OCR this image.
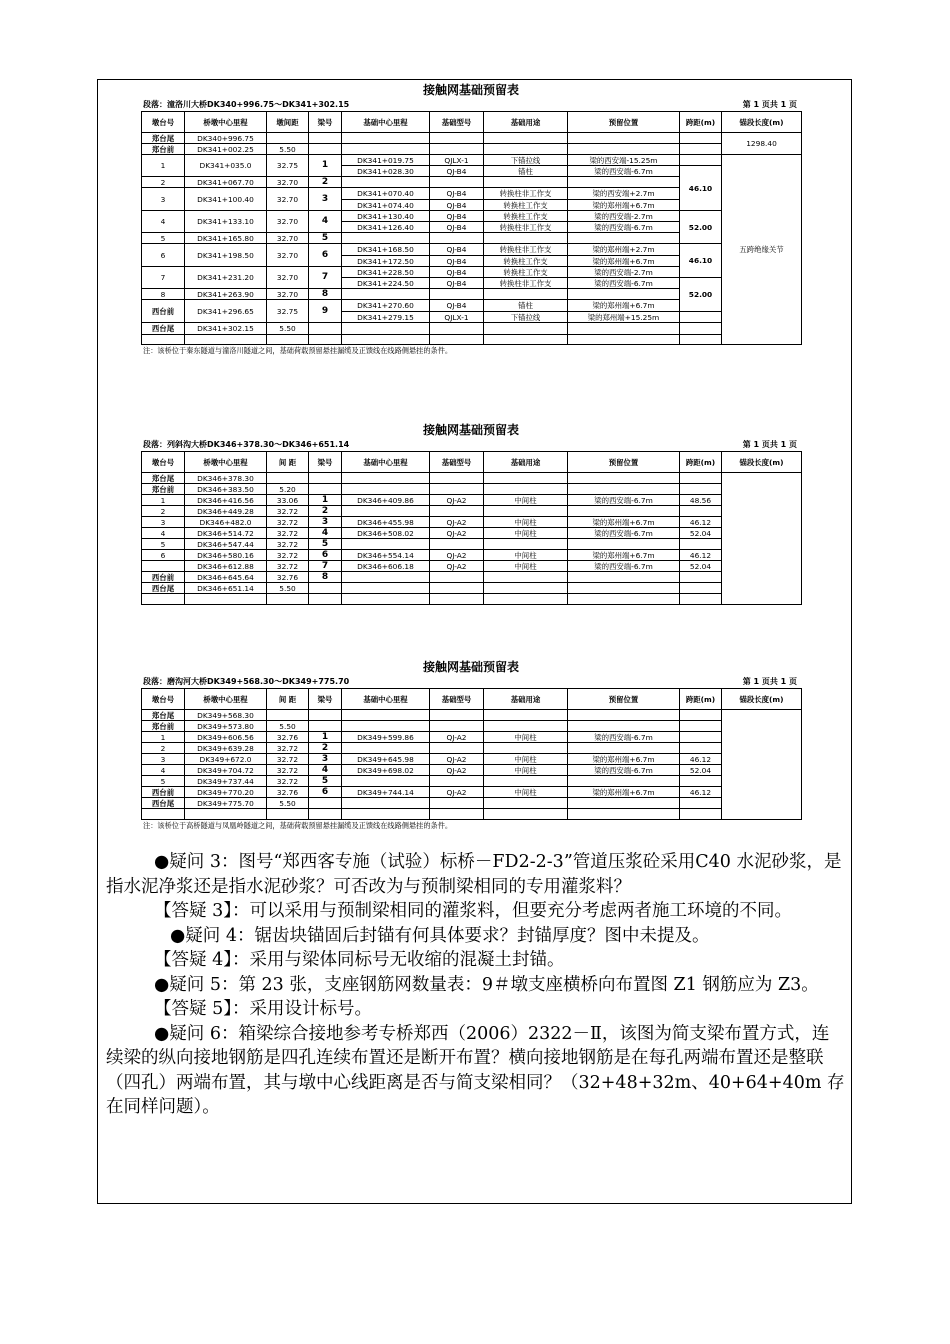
接触网基础预留表
段落：潼洛川大桥DK340+996.75～DK341+302.15	第 1 页共 1 页
墩台号	桥墩中心里程	墩间距	梁号	基础中心里程	基础型号	基础用途	预留位置	跨距(m)	锚段长度(m)
郑台尾	DK340+996.75								1298.40
郑台前	DK341+002.25	5.50							
1	DK341+035.0	32.75	1	DK341+019.75	QJLX-1	下锚拉线	梁的西安端-15.25m		五跨绝缘关节
				DK341+028.30	QJ-B4	锚柱	梁的西安端-6.7m	46.10	
2	DK341+067.70	32.70	2						
3	DK341+100.40	32.70	3	DK341+070.40	QJ-B4	转换柱非工作支	梁的西安端+2.7m		
				DK341+074.40	QJ-B4	转换柱工作支	梁的郑州端+6.7m		
4	DK341+133.10	32.70	4	DK341+130.40	QJ-B4	转换柱工作支	梁的西安端-2.7m	52.00	
				DK341+126.40	QJ-B4	转换柱非工作支	梁的西安端-6.7m		
5	DK341+165.80	32.70	5						
6	DK341+198.50	32.70	6	DK341+168.50	QJ-B4	转换柱非工作支	梁的郑州端+2.7m	46.10	
				DK341+172.50	QJ-B4	转换柱工作支	梁的郑州端+6.7m		
7	DK341+231.20	32.70	7	DK341+228.50	QJ-B4	转换柱工作支	梁的西安端-2.7m		
				DK341+224.50	QJ-B4	转换柱非工作支	梁的西安端-6.7m	52.00	
8	DK341+263.90	32.70	8						
西台前	DK341+296.65	32.75	9	DK341+270.60	QJ-B4	锚柱	梁的郑州端+6.7m		
				DK341+279.15	QJLX-1	下锚拉线	梁的郑州端+15.25m		
西台尾	DK341+302.15	5.50							

注：该桥位于秦东隧道与潼洛川隧道之间，基础荷载预留悬挂漏缆及正馈线在线路侧悬挂的条件。
接触网基础预留表
段落：列斜沟大桥DK346+378.30～DK346+651.14	第 1 页共 1 页
墩台号	桥墩中心里程	间 距	梁号	基础中心里程	基础型号	基础用途	预留位置	跨距(m)	锚段长度(m)
郑台尾	DK346+378.30								
郑台前	DK346+383.50	5.20							
1	DK346+416.56	33.06	1	DK346+409.86	QJ-A2	中间柱	梁的西安端-6.7m	48.56	
2	DK346+449.28	32.72	2						
3	DK346+482.0	32.72	3	DK346+455.98	QJ-A2	中间柱	梁的郑州端+6.7m	46.12	
4	DK346+514.72	32.72	4	DK346+508.02	QJ-A2	中间柱	梁的西安端-6.7m	52.04	
5	DK346+547.44	32.72	5						
6	DK346+580.16	32.72	6	DK346+554.14	QJ-A2	中间柱	梁的郑州端+6.7m	46.12	
	DK346+612.88	32.72	7	DK346+606.18	QJ-A2	中间柱	梁的西安端-6.7m	52.04	
西台前	DK346+645.64	32.76	8						
西台尾	DK346+651.14	5.50							

接触网基础预留表
段落：磨沟河大桥DK349+568.30～DK349+775.70	第 1 页共 1 页
墩台号	桥墩中心里程	间 距	梁号	基础中心里程	基础型号	基础用途	预留位置	跨距(m)	锚段长度(m)
郑台尾	DK349+568.30								
郑台前	DK349+573.80	5.50							
1	DK349+606.56	32.76	1	DK349+599.86	QJ-A2	中间柱	梁的西安端-6.7m		
2	DK349+639.28	32.72	2						
3	DK349+672.0	32.72	3	DK349+645.98	QJ-A2	中间柱	梁的郑州端+6.7m	46.12	
4	DK349+704.72	32.72	4	DK349+698.02	QJ-A2	中间柱	梁的西安端-6.7m	52.04	
5	DK349+737.44	32.72	5						
西台前	DK349+770.20	32.76	6	DK349+744.14	QJ-A2	中间柱	梁的郑州端+6.7m	46.12	
西台尾	DK349+775.70	5.50							

注：该桥位于高桥隧道与凤凰岭隧道之间，基础荷载预留悬挂漏缆及正馈线在线路侧悬挂的条件。

●疑问 3：图号“郑西客专施（试验）标桥－FD2-2-3”管道压浆砼采用C40 水泥砂浆，是指水泥净浆还是指水泥砂浆？可否改为与预制梁相同的专用灌浆料？

【答疑 3】：可以采用与预制梁相同的灌浆料，但要充分考虑两者施工环境的不同。

●疑问 4：锯齿块锚固后封锚有何具体要求？封锚厚度？图中未提及。

【答疑 4】：采用与梁体同标号无收缩的混凝土封锚。

●疑问 5：第 23 张，支座钢筋网数量表：9＃墩支座横桥向布置图 Z1 钢筋应为 Z3。

【答疑 5】：采用设计标号。

●疑问 6：箱梁综合接地参考专桥郑西（2006）2322－Ⅱ，该图为简支梁布置方式，连续梁的纵向接地钢筋是四孔连续布置还是断开布置？横向接地钢筋是在每孔两端布置还是整联（四孔）两端布置，其与墩中心线距离是否与简支梁相同？（32+48+32m、40+64+40m 存在同样问题）。
